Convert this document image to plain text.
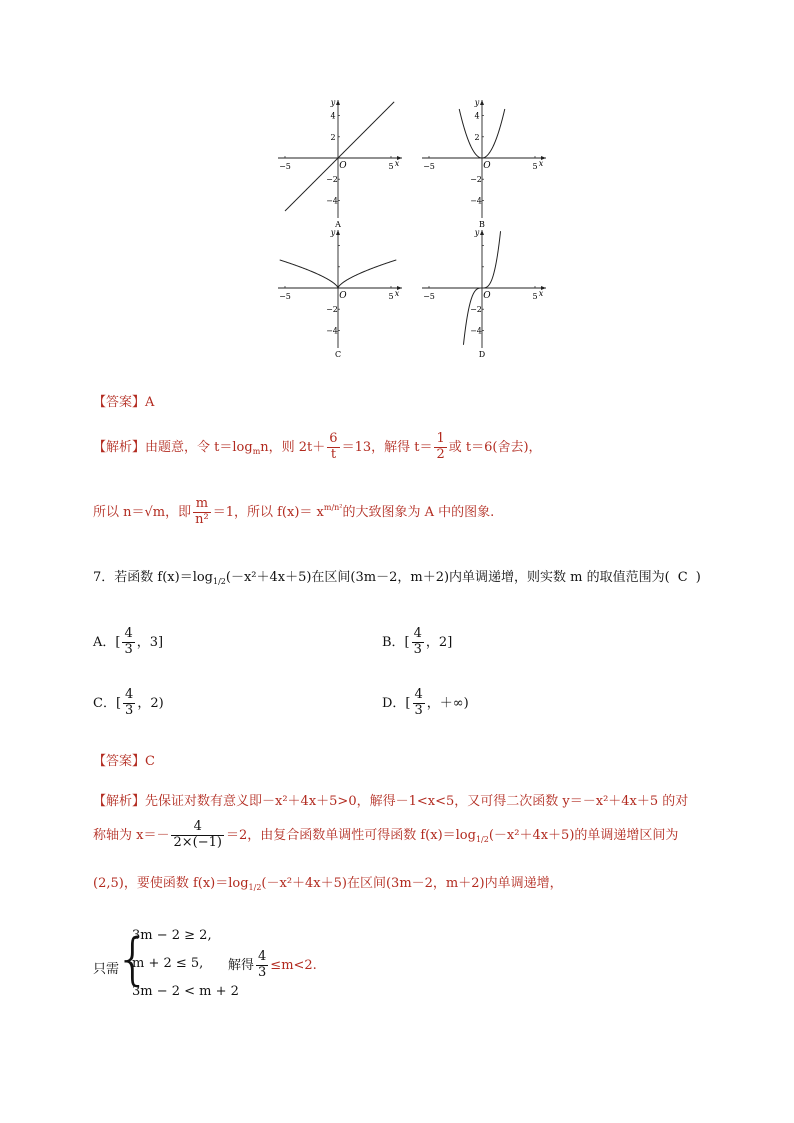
−5	5 x
y
O
4
2
−2
−4
A
−5	5 x
y
O
4
2
−2
−4
B
−5	5 x
y
O
−2
−4
C
−5	5 x
y
O
−2
−4
D
【答案】A
【解析】由题意，令 $t=\log_mn$，则 $2t+ \frac{6}{t} =13$，解得 $t= \frac{1}{2}$ 或 t＝6(舍去)，
所以 n＝√m，即 $\frac{m}{\text{n²}} =1$，所以 $f(x)= x^{m/n^2}$的大致图象为 A 中的图象.
7．若函数 $f(x)=\log_{1/2}(-x^2+4x+5)$在区间(3m－2，m＋2)内单调递增，则实数 m 的取值范围为( C )
A．[ $\frac{4}{3}$ ，3]	B．[ $\frac{4}{3}$ ，2]
C．[ $\frac{4}{3}$ ，2)	D．[ $\frac{4}{3}$ ，＋∞)
【答案】C
【解析】先保证对数有意义即－x²＋4x＋5>0，解得－1<x<5，又可得二次函数 y＝－x²＋4x＋5 的对
称轴为 $x=- \frac{4}{2\times(-1)} =2$，由复合函数单调性可得函数 $f(x)=\log_{1/2}(-x^2+4x+5)$的单调递增区间为
(2,5)，要使函数 $f(x)=\log_{1/2}(-x^2+4x+5)$在区间(3m－2，m＋2)内单调递增，
只需
{
3m − 2 ≥ 2,
m + 2 ≤ 5,
3m − 2 < m + 2
解得 $\frac{4}{3} \le m<2$.
